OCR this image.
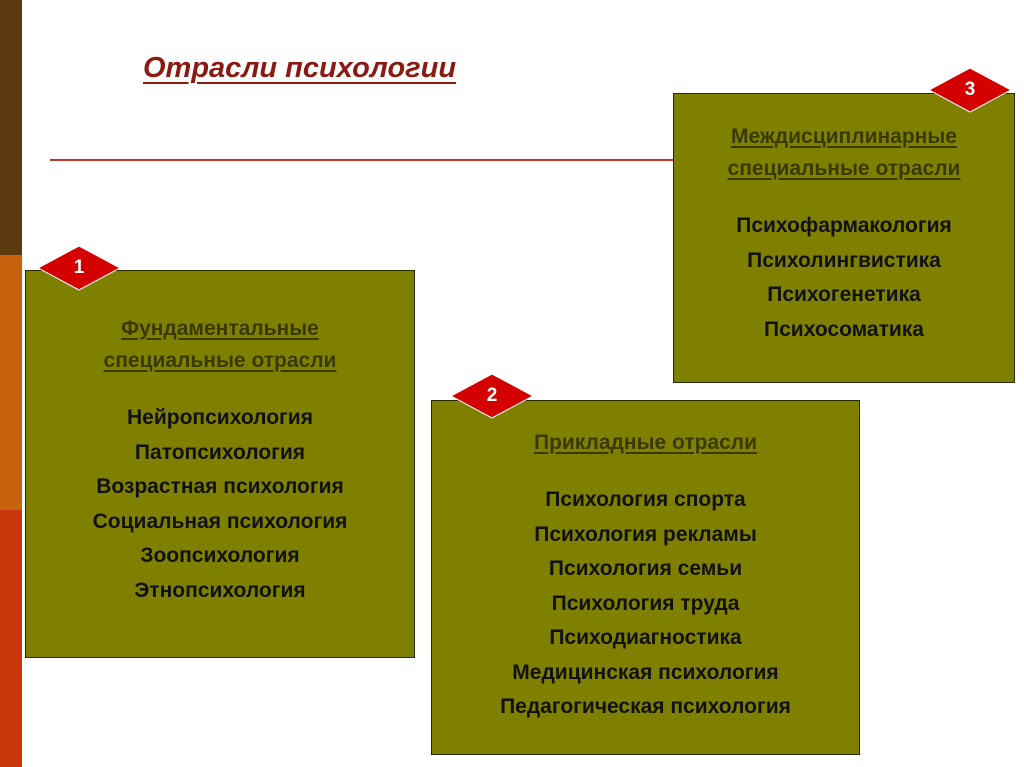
Отрасли психологии
Фундаментальные
специальные отрасли
Нейропсихология
Патопсихология
Возрастная психология
Социальная психология
Зоопсихология
Этнопсихология
Прикладные отрасли
Психология спорта
Психология рекламы
Психология семьи
Психология труда
Психодиагностика
Медицинская психология
Педагогическая психология
Междисциплинарные
специальные отрасли
Психофармакология
Психолингвистика
Психогенетика
Психосоматика
1
2
3
